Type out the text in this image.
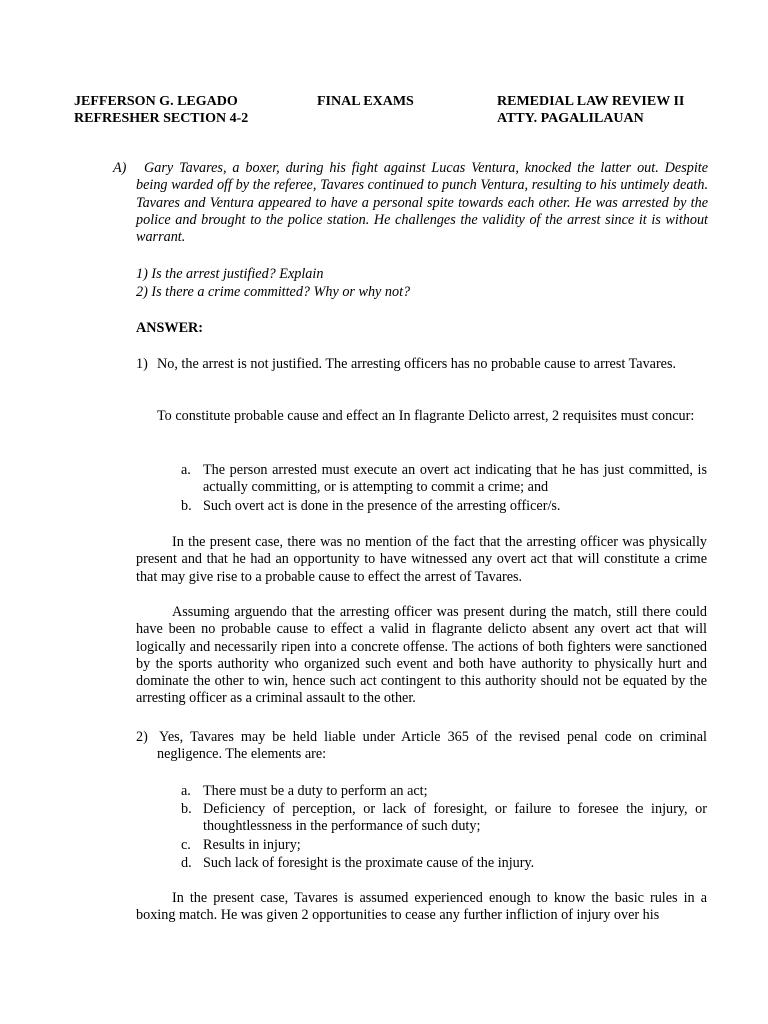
JEFFERSON G. LEGADO
REFRESHER SECTION 4-2
FINAL EXAMS	REMEDIAL LAW REVIEW II
ATTY. PAGALILAUAN
A)	Gary Tavares, a boxer, during his fight against Lucas Ventura, knocked the latter out. Despite being warded off by the referee, Tavares continued to punch Ventura, resulting to his untimely death. Tavares and Ventura appeared to have a personal spite towards each other. He was arrested by the police and brought to the police station. He challenges the validity of the arrest since it is without warrant.
1) Is the arrest justified? Explain
2) Is there a crime committed? Why or why not?
ANSWER:
1) No, the arrest is not justified. The arresting officers has no probable cause to arrest Tavares.
To constitute probable cause and effect an In flagrante Delicto arrest, 2 requisites must concur:
a. The person arrested must execute an overt act indicating that he has just committed, is actually committing, or is attempting to commit a crime; and
b. Such overt act is done in the presence of the arresting officer/s.
In the present case, there was no mention of the fact that the arresting officer was physically present and that he had an opportunity to have witnessed any overt act that will constitute a crime that may give rise to a probable cause to effect the arrest of Tavares.
Assuming arguendo that the arresting officer was present during the match, still there could have been no probable cause to effect a valid in flagrante delicto absent any overt act that will logically and necessarily ripen into a concrete offense. The actions of both fighters were sanctioned by the sports authority who organized such event and both have authority to physically hurt and dominate the other to win, hence such act contingent to this authority should not be equated by the arresting officer as a criminal assault to the other.
2) Yes, Tavares may be held liable under Article 365 of the revised penal code on criminal negligence. The elements are:
a. There must be a duty to perform an act;
b. Deficiency of perception, or lack of foresight, or failure to foresee the injury, or thoughtlessness in the performance of such duty;
c. Results in injury;
d. Such lack of foresight is the proximate cause of the injury.
In the present case, Tavares is assumed experienced enough to know the basic rules in a boxing match. He was given 2 opportunities to cease any further infliction of injury over his
